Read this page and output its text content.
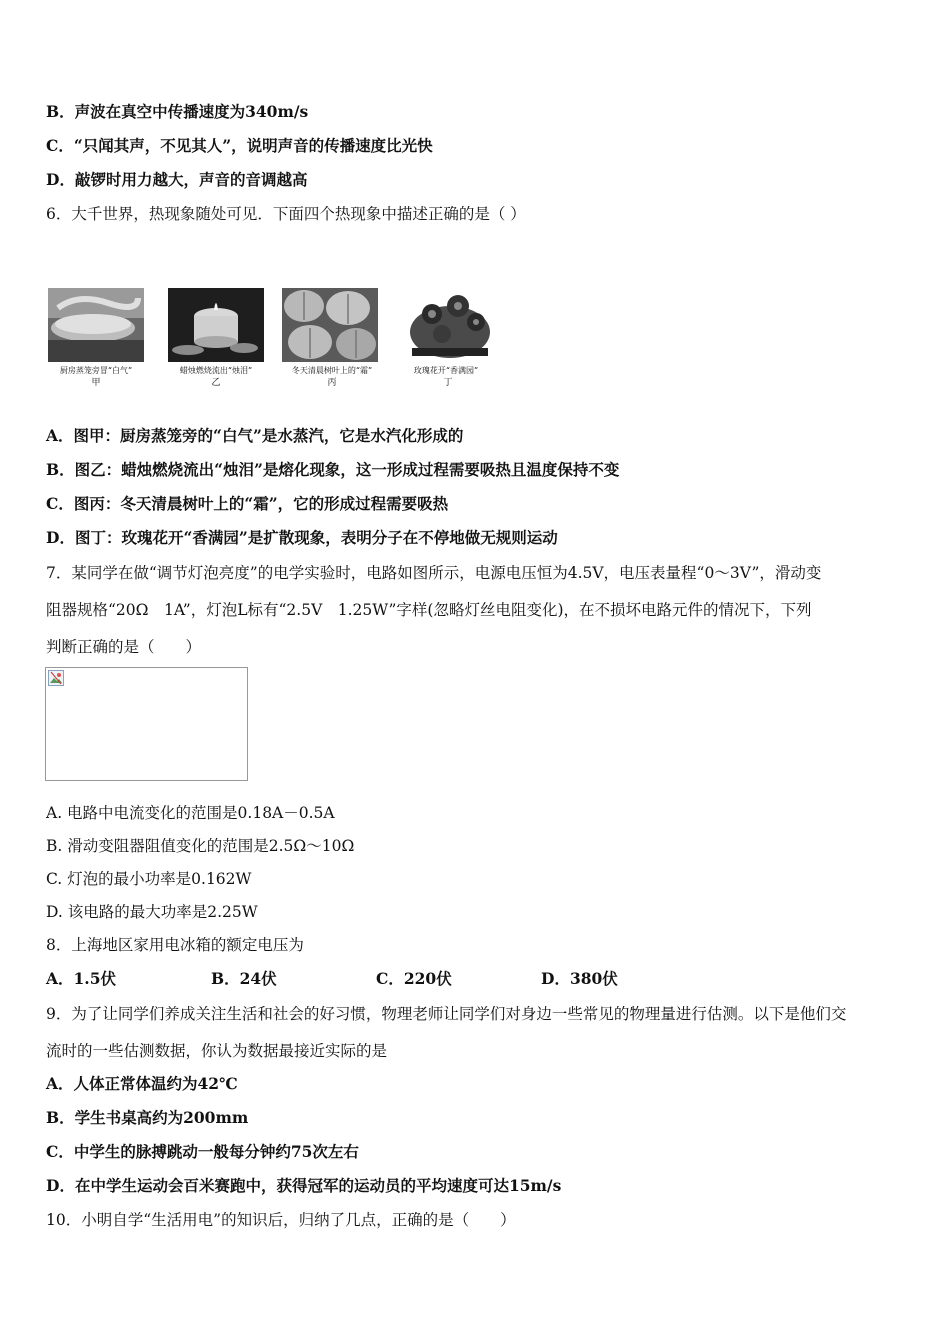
B．声波在真空中传播速度为340m/s
C．“只闻其声，不见其人”，说明声音的传播速度比光快
D．敲锣时用力越大，声音的音调越高
6．大千世界，热现象随处可见．下面四个热现象中描述正确的是（ ）
厨房蒸笼旁冒“白气”
甲
蜡烛燃烧流出“烛泪”
乙
冬天清晨树叶上的“霜”
丙
玫瑰花开“香满园”
丁
A．图甲：厨房蒸笼旁的“白气”是水蒸汽，它是水汽化形成的
B．图乙：蜡烛燃烧流出“烛泪”是熔化现象，这一形成过程需要吸热且温度保持不变
C．图丙：冬天清晨树叶上的“霜”，它的形成过程需要吸热
D．图丁：玫瑰花开“香满园”是扩散现象，表明分子在不停地做无规则运动
7．某同学在做“调节灯泡亮度”的电学实验时，电路如图所示，电源电压恒为4.5V，电压表量程“0～3V”，滑动变
阻器规格“20Ω　1A”，灯泡L标有“2.5V　1.25W”字样(忽略灯丝电阻变化)，在不损坏电路元件的情况下，下列
判断正确的是（　　）
A. 电路中电流变化的范围是0.18A－0.5A
B. 滑动变阻器阻值变化的范围是2.5Ω～10Ω
C. 灯泡的最小功率是0.162W
D. 该电路的最大功率是2.25W
8．上海地区家用电冰箱的额定电压为
A．1.5伏	B．24伏	C．220伏	D．380伏
9．为了让同学们养成关注生活和社会的好习惯，物理老师让同学们对身边一些常见的物理量进行估测。以下是他们交
流时的一些估测数据，你认为数据最接近实际的是
A．人体正常体温约为42℃
B．学生书桌高约为200mm
C．中学生的脉搏跳动一般每分钟约75次左右
D．在中学生运动会百米赛跑中，获得冠军的运动员的平均速度可达15m/s
10．小明自学“生活用电”的知识后，归纳了几点，正确的是（　　）
